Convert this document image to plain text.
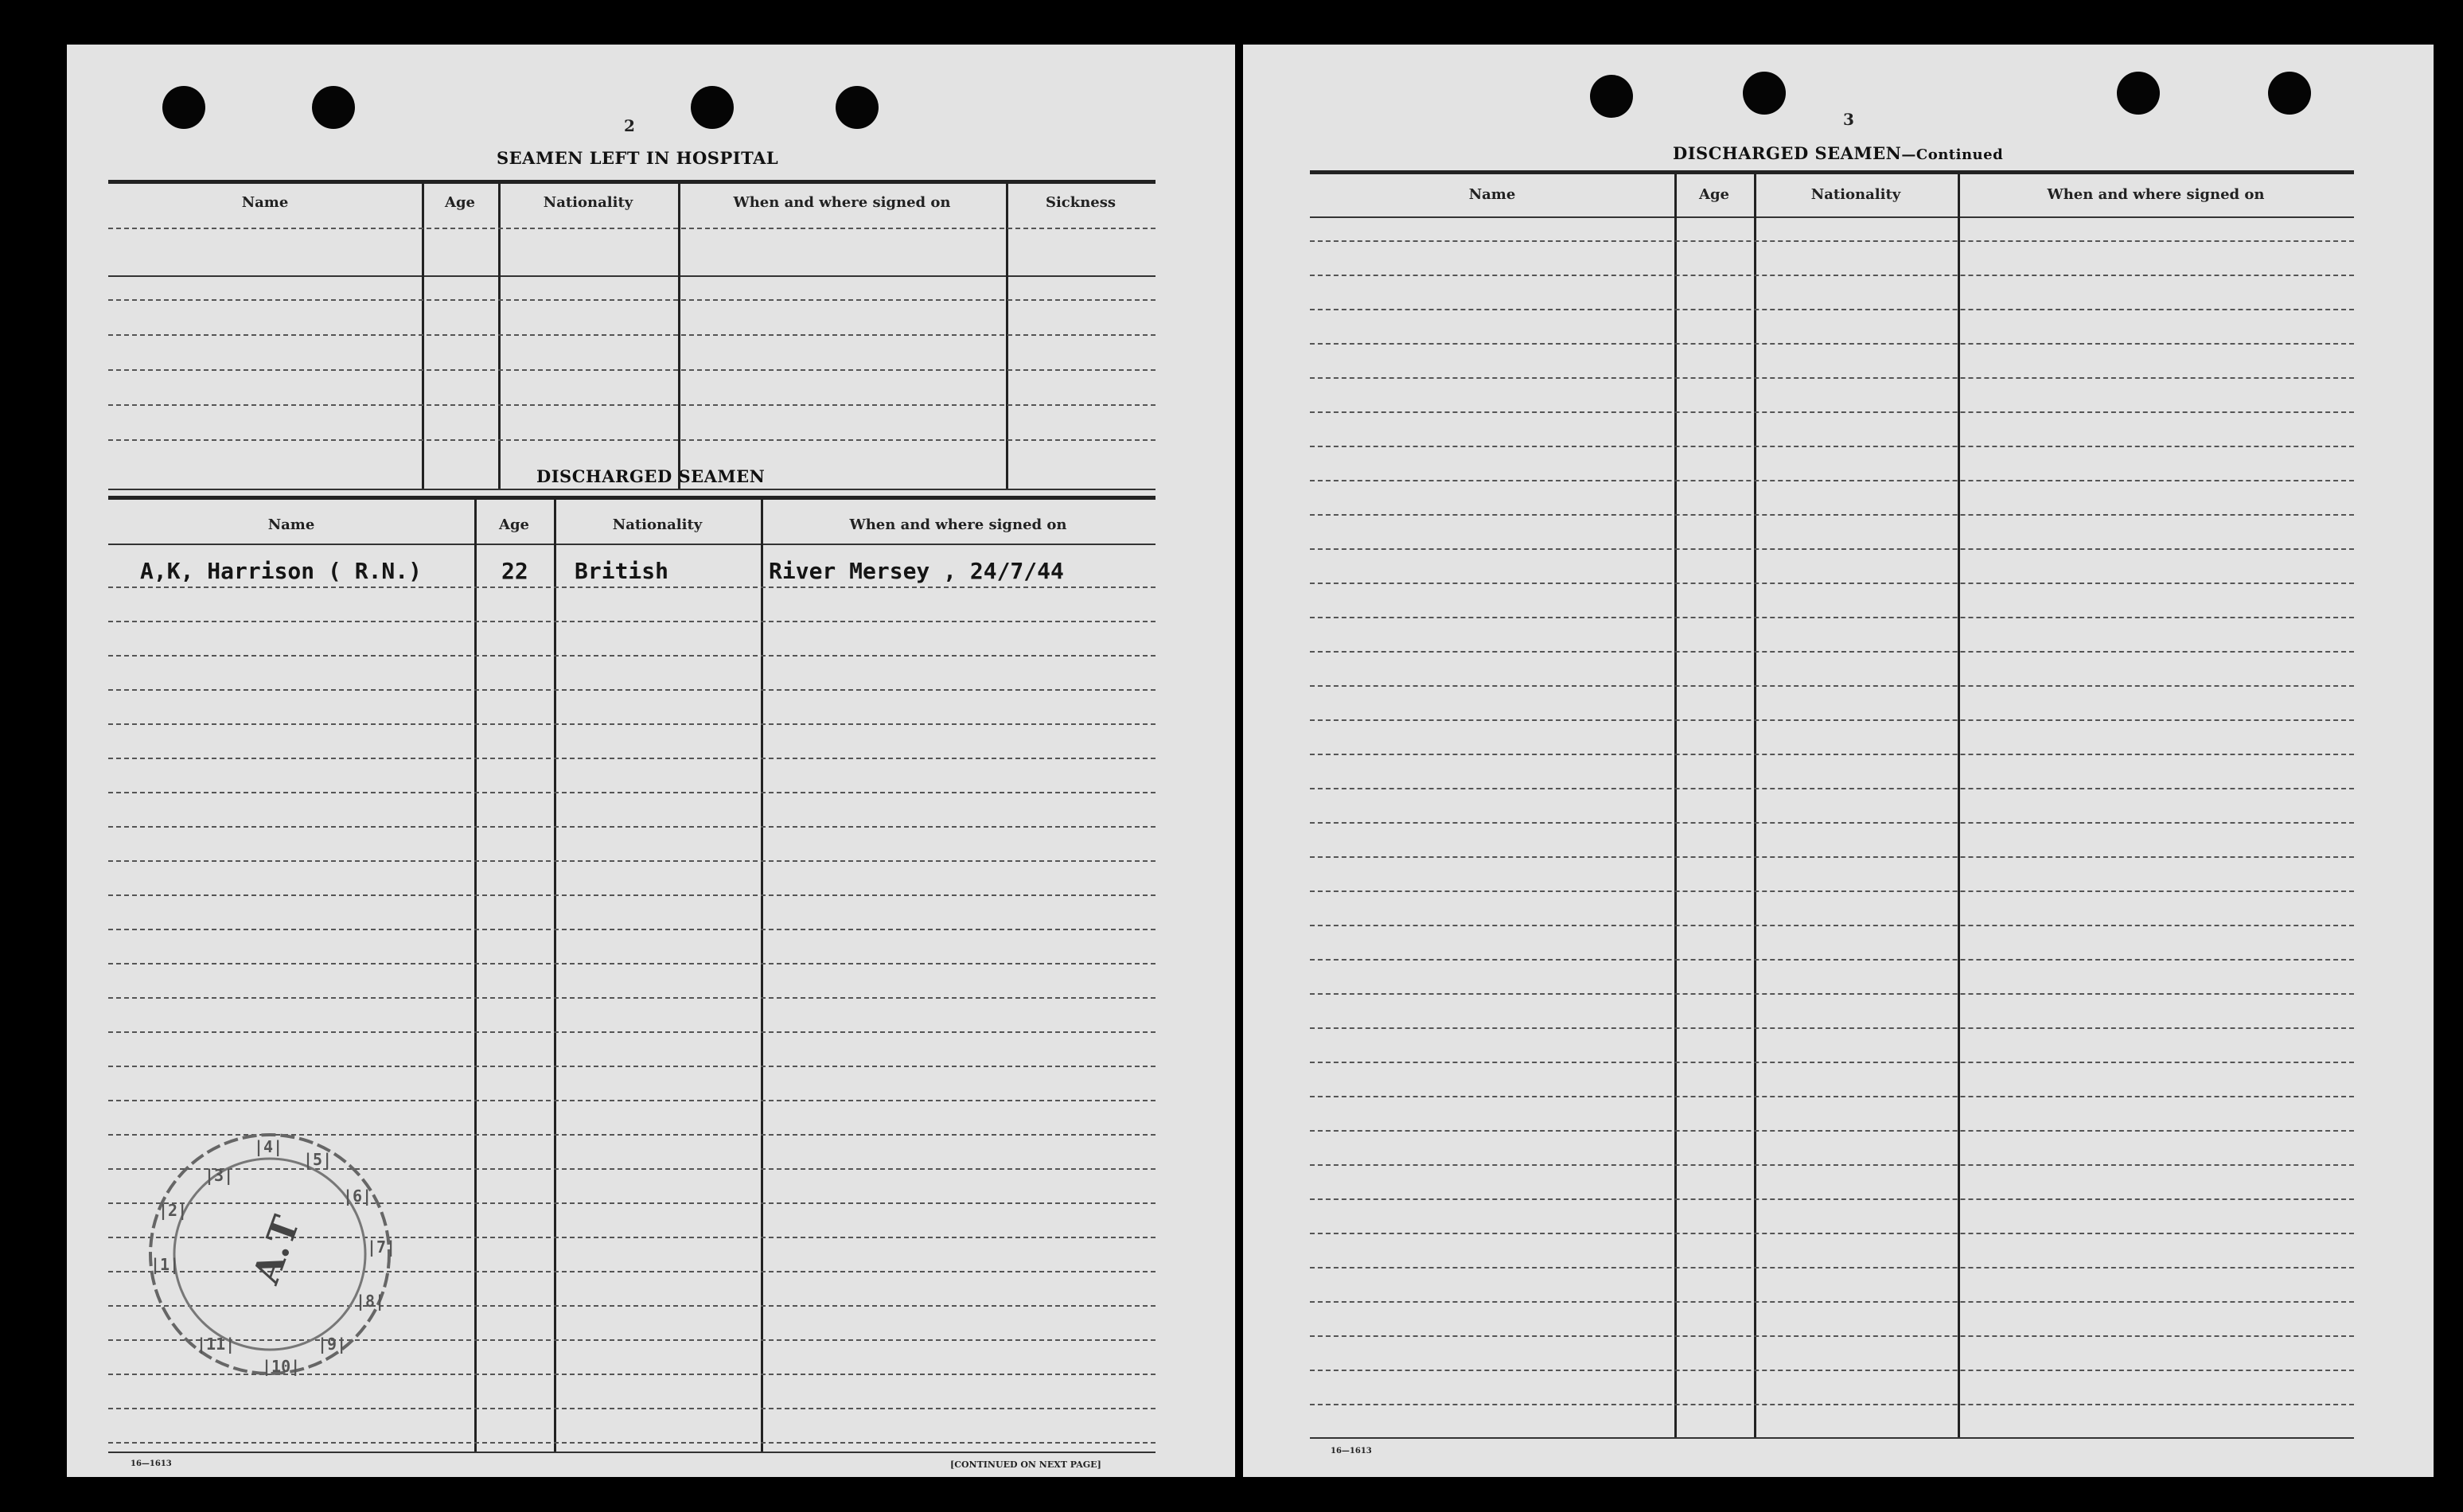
2
SEAMEN LEFT IN HOSPITAL
Name	Age	Nationality	When and where signed on	Sickness
DISCHARGED SEAMEN
Name	Age	Nationality	When and where signed on
A,K, Harrison ( R.N.)	22 British	River Mersey , 24/7/44
16—1613	[CONTINUED ON NEXT PAGE]
|3|
|4|
|5|
|6|
|7|
|8|
|9|
|10|
|11|
|1|
|2| A.T
3
DISCHARGED SEAMEN—Continued
Name	Age	Nationality	When and where signed on
16—1613
